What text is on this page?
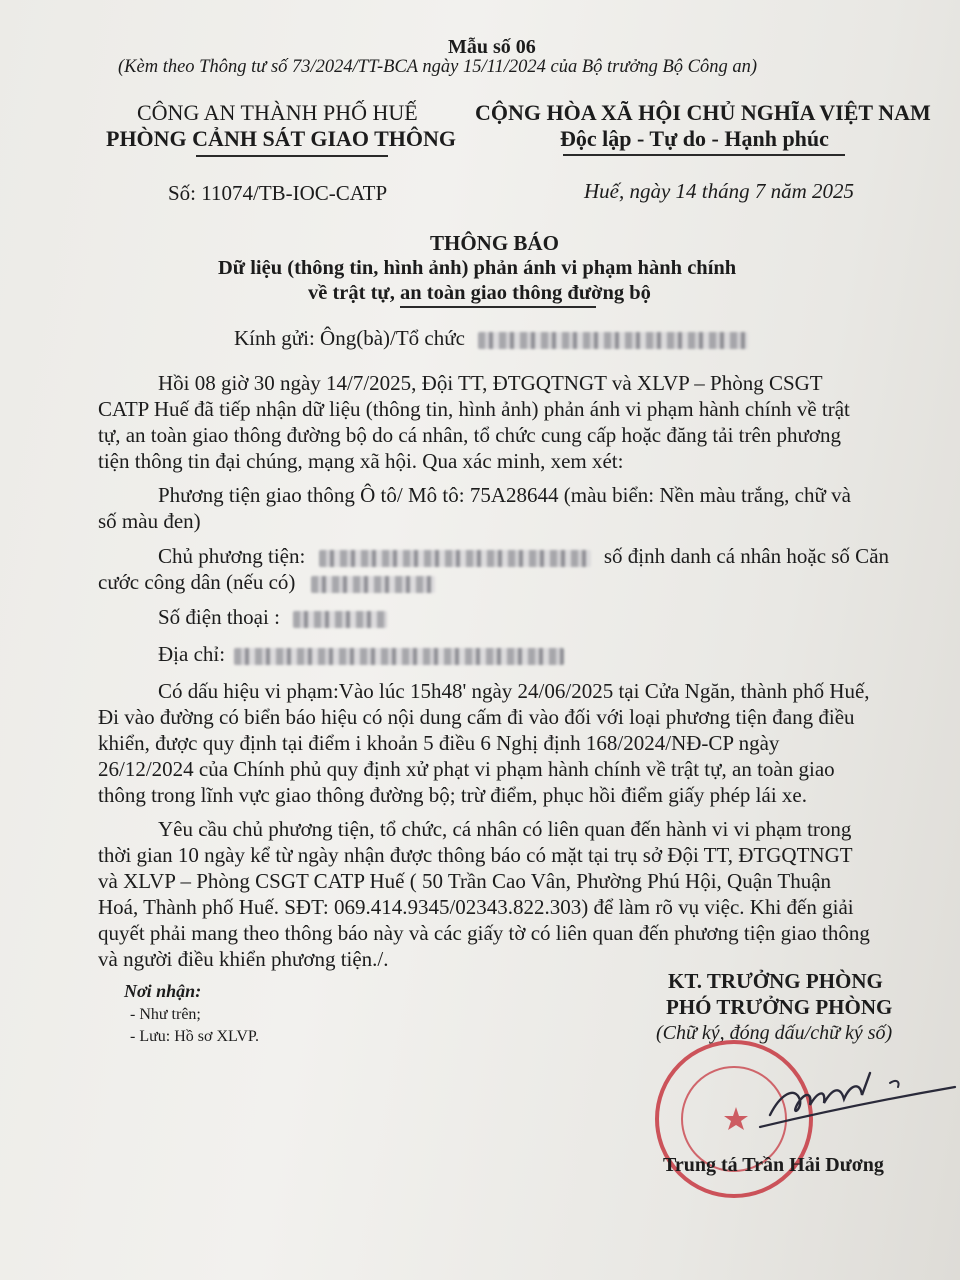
Mẫu số 06
(Kèm theo Thông tư số 73/2024/TT-BCA ngày 15/11/2024 của Bộ trưởng Bộ Công an)
CÔNG AN THÀNH PHỐ HUẾ
PHÒNG CẢNH SÁT GIAO THÔNG
CỘNG HÒA XÃ HỘI CHỦ NGHĨA VIỆT NAM
Độc lập - Tự do - Hạnh phúc
Số: 11074/TB-IOC-CATP	Huế, ngày 14 tháng 7 năm 2025
THÔNG BÁO
Dữ liệu (thông tin, hình ảnh) phản ánh vi phạm hành chính
về trật tự, an toàn giao thông đường bộ
Kính gửi: Ông(bà)/Tổ chức
Hồi 08 giờ 30 ngày 14/7/2025, Đội TT, ĐTGQTNGT và XLVP – Phòng CSGT
CATP Huế đã tiếp nhận dữ liệu (thông tin, hình ảnh) phản ánh vi phạm hành chính về trật
tự, an toàn giao thông đường bộ do cá nhân, tổ chức cung cấp hoặc đăng tải trên phương
tiện thông tin đại chúng, mạng xã hội. Qua xác minh, xem xét:
Phương tiện giao thông Ô tô/ Mô tô: 75A28644 (màu biển: Nền màu trắng, chữ và
số màu đen)
Chủ phương tiện:	số định danh cá nhân hoặc số Căn
cước công dân (nếu có)
Số điện thoại :
Địa chỉ:
Có dấu hiệu vi phạm:Vào lúc 15h48' ngày 24/06/2025 tại Cửa Ngăn, thành phố Huế,
Đi vào đường có biển báo hiệu có nội dung cấm đi vào đối với loại phương tiện đang điều
khiển, được quy định tại điểm i khoản 5 điều 6 Nghị định 168/2024/NĐ-CP ngày
26/12/2024 của Chính phủ quy định xử phạt vi phạm hành chính về trật tự, an toàn giao
thông trong lĩnh vực giao thông đường bộ; trừ điểm, phục hồi điểm giấy phép lái xe.
Yêu cầu chủ phương tiện, tổ chức, cá nhân có liên quan đến hành vi vi phạm trong
thời gian 10 ngày kể từ ngày nhận được thông báo có mặt tại trụ sở Đội TT, ĐTGQTNGT
và XLVP – Phòng CSGT CATP Huế ( 50 Trần Cao Vân, Phường Phú Hội, Quận Thuận
Hoá, Thành phố Huế. SĐT: 069.414.9345/02343.822.303) để làm rõ vụ việc. Khi đến giải
quyết phải mang theo thông báo này và các giấy tờ có liên quan đến phương tiện giao thông
và người điều khiển phương tiện./.
Nơi nhận:
- Như trên;
- Lưu: Hồ sơ XLVP.
KT. TRƯỞNG PHÒNG
PHÓ TRƯỞNG PHÒNG
(Chữ ký, đóng dấu/chữ ký số)
Trung tá Trần Hải Dương
